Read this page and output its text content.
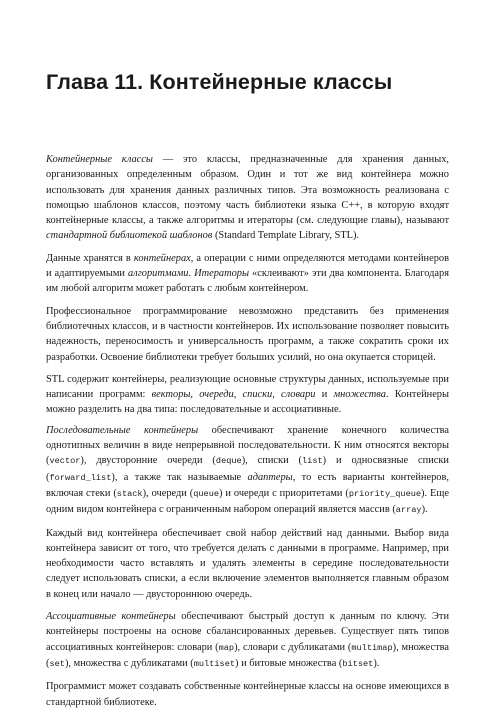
Глава 11. Контейнерные классы

Контейнерные классы — это классы, предназначенные для хранения данных, организованных определенным образом. Один и тот же вид контейнера можно использовать для хранения данных различных типов. Эта возможность реализована с помощью шаблонов классов, поэтому часть библиотеки языка C++, в которую входят контейнерные классы, а также алгоритмы и итераторы (см. следующие главы), называют стандартной библиотекой шаблонов (Standard Template Library, STL).

Данные хранятся в контейнерах, а операции с ними определяются методами контейнеров и адаптируемыми алгоритмами. Итераторы «склеивают» эти два компонента. Благодаря им любой алгоритм может работать с любым контейнером.

Профессиональное программирование невозможно представить без применения библиотечных классов, и в частности контейнеров. Их использование позволяет повысить надежность, переносимость и универсальность программ, а также сократить сроки их разработки. Освоение библиотеки требует больших усилий, но она окупается сторицей.

STL содержит контейнеры, реализующие основные структуры данных, используемые при написании программ: векторы, очереди, списки, словари и множества. Контейнеры можно разделить на два типа: последовательные и ассоциативные.

Последовательные контейнеры обеспечивают хранение конечного количества однотипных величин в виде непрерывной последовательности. К ним относятся векторы (vector), двусторонние очереди (deque), списки (list) и односвязные списки (forward_list), а также так называемые адаптеры, то есть варианты контейнеров, включая стеки (stack), очереди (queue) и очереди с приоритетами (priority_queue). Еще одним видом контейнера с ограниченным набором операций является массив (array).

Каждый вид контейнера обеспечивает свой набор действий над данными. Выбор вида контейнера зависит от того, что требуется делать с данными в программе. Например, при необходимости часто вставлять и удалять элементы в середине последовательности следует использовать списки, а если включение элементов выполняется главным образом в конец или начало — двустороннюю очередь.

Ассоциативные контейнеры обеспечивают быстрый доступ к данным по ключу. Эти контейнеры построены на основе сбалансированных деревьев. Существует пять типов ассоциативных контейнеров: словари (map), словари с дубликатами (multimap), множества (set), множества с дубликатами (multiset) и битовые множества (bitset).

Программист может создавать собственные контейнерные классы на основе имеющихся в стандартной библиотеке.
